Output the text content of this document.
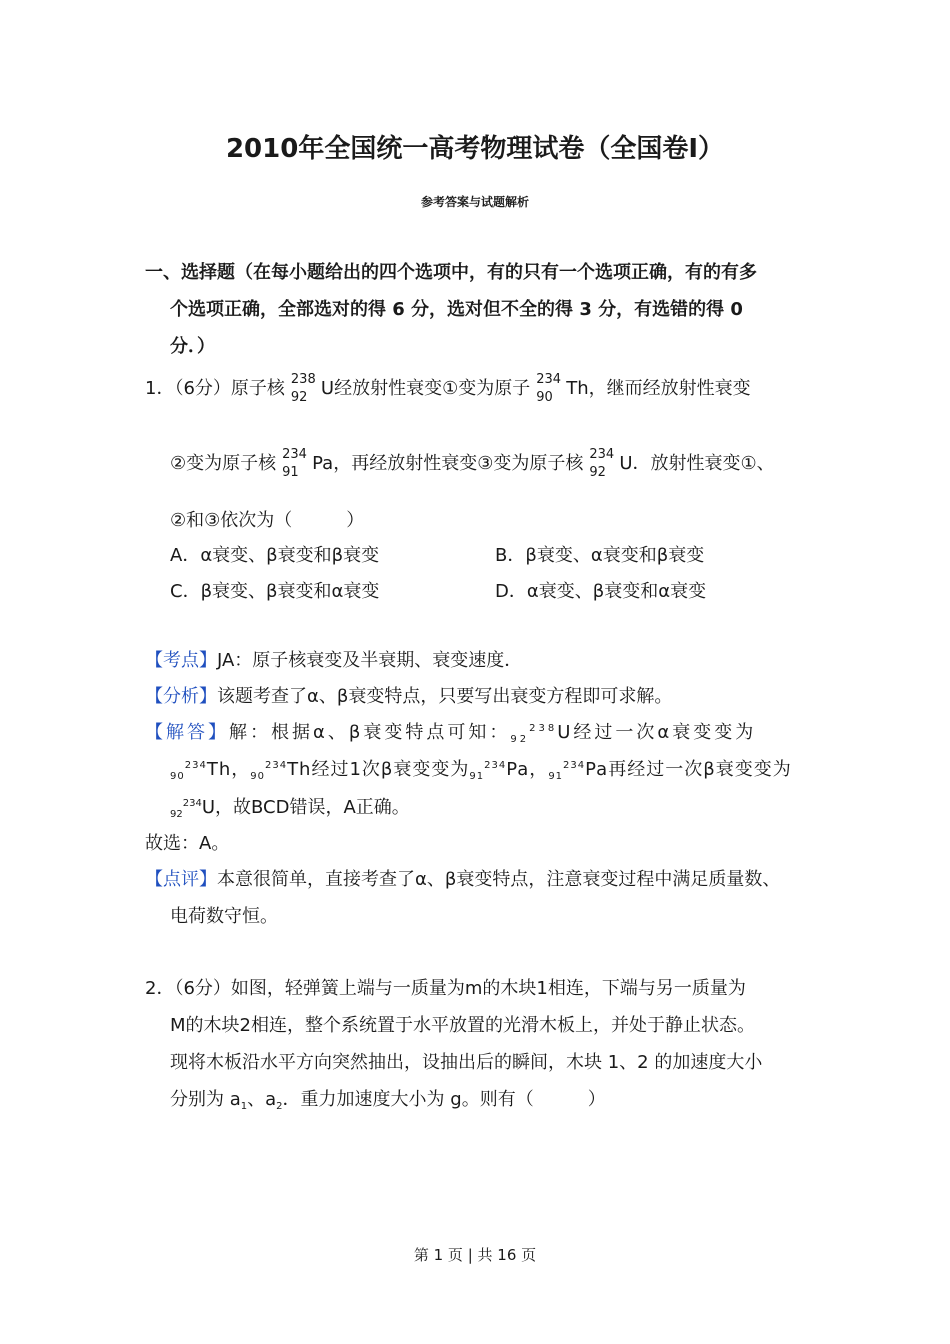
2010年全国统一高考物理试卷（全国卷Ⅰ）
参考答案与试题解析
一、选择题（在每小题给出的四个选项中，有的只有一个选项正确，有的有多
个选项正确，全部选对的得 6 分，选对但不全的得 3 分，有选错的得 0
分．）
1．（6分）原子核 238
92 U经放射性衰变①变为原子 234
90 Th，继而经放射性衰变
②变为原子核 234
91 Pa，再经放射性衰变③变为原子核 234
92 U．放射性衰变①、
②和③依次为（　　　）
A．α衰变、β衰变和β衰变	B．β衰变、α衰变和β衰变
C．β衰变、β衰变和α衰变	D．α衰变、β衰变和α衰变
【考点】JA：原子核衰变及半衰期、衰变速度．
【分析】该题考查了α、β衰变特点，只要写出衰变方程即可求解。
【解答】解：根据α、β衰变特点可知：$_{92}^{238}$U经过一次α衰变变为
$_{90}^{234}$Th，$_{90}^{234}$Th经过1次β衰变变为$_{91}^{234}$Pa，$_{91}^{234}$Pa再经过一次β衰变变为
$_{92}^{234}$U，故BCD错误，A正确。
故选：A。
【点评】本意很简单，直接考查了α、β衰变特点，注意衰变过程中满足质量数、
电荷数守恒。
2．（6分）如图，轻弹簧上端与一质量为m的木块1相连，下端与另一质量为
M的木块2相连，整个系统置于水平放置的光滑木板上，并处于静止状态。
现将木板沿水平方向突然抽出，设抽出后的瞬间，木块 1、2 的加速度大小
分别为 $a_1$、$a_2$．重力加速度大小为 g。则有（　　　）
第 1 页 | 共 16 页
